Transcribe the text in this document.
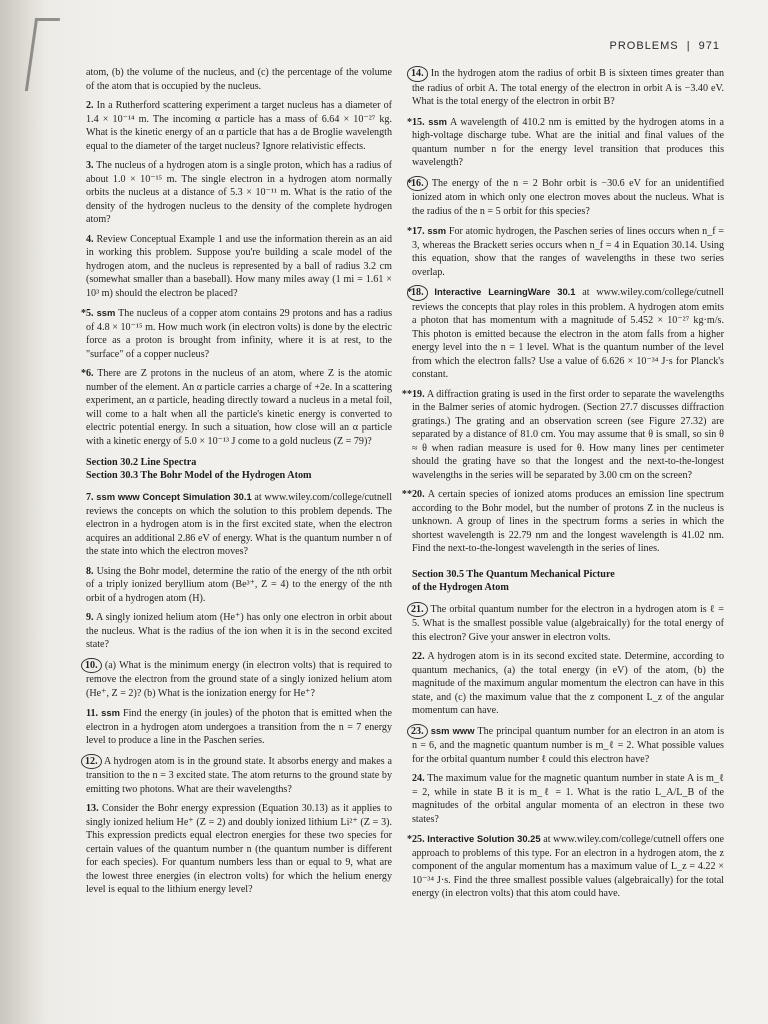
PROBLEMS | 971

atom, (b) the volume of the nucleus, and (c) the percentage of the volume of the atom that is occupied by the nucleus.

2. In a Rutherford scattering experiment a target nucleus has a diameter of 1.4 × 10⁻¹⁴ m. The incoming α particle has a mass of 6.64 × 10⁻²⁷ kg. What is the kinetic energy of an α particle that has a de Broglie wavelength equal to the diameter of the target nucleus? Ignore relativistic effects.

3. The nucleus of a hydrogen atom is a single proton, which has a radius of about 1.0 × 10⁻¹⁵ m. The single electron in a hydrogen atom normally orbits the nucleus at a distance of 5.3 × 10⁻¹¹ m. What is the ratio of the density of the hydrogen nucleus to the density of the complete hydrogen atom?

4. Review Conceptual Example 1 and use the information therein as an aid in working this problem. Suppose you're building a scale model of the hydrogen atom, and the nucleus is represented by a ball of radius 3.2 cm (somewhat smaller than a baseball). How many miles away (1 mi = 1.61 × 10³ m) should the electron be placed?

*5. ssm The nucleus of a copper atom contains 29 protons and has a radius of 4.8 × 10⁻¹⁵ m. How much work (in electron volts) is done by the electric force as a proton is brought from infinity, where it is at rest, to the "surface" of a copper nucleus?

*6. There are Z protons in the nucleus of an atom, where Z is the atomic number of the element. An α particle carries a charge of +2e. In a scattering experiment, an α particle, heading directly toward a nucleus in a metal foil, will come to a halt when all the particle's kinetic energy is converted to electric potential energy. In such a situation, how close will an α particle with a kinetic energy of 5.0 × 10⁻¹³ J come to a gold nucleus (Z = 79)?

Section 30.2 Line Spectra
Section 30.3 The Bohr Model of the Hydrogen Atom

7. ssm www Concept Simulation 30.1 at www.wiley.com/college/cutnell reviews the concepts on which the solution to this problem depends. The electron in a hydrogen atom is in the first excited state, when the electron acquires an additional 2.86 eV of energy. What is the quantum number n of the state into which the electron moves?

8. Using the Bohr model, determine the ratio of the energy of the nth orbit of a triply ionized beryllium atom (Be³⁺, Z = 4) to the energy of the nth orbit of a hydrogen atom (H).

9. A singly ionized helium atom (He⁺) has only one electron in orbit about the nucleus. What is the radius of the ion when it is in the second excited state?

10. (a) What is the minimum energy (in electron volts) that is required to remove the electron from the ground state of a singly ionized helium atom (He⁺, Z = 2)? (b) What is the ionization energy for He⁺?

11. ssm Find the energy (in joules) of the photon that is emitted when the electron in a hydrogen atom undergoes a transition from the n = 7 energy level to produce a line in the Paschen series.

12. A hydrogen atom is in the ground state. It absorbs energy and makes a transition to the n = 3 excited state. The atom returns to the ground state by emitting two photons. What are their wavelengths?

13. Consider the Bohr energy expression (Equation 30.13) as it applies to singly ionized helium He⁺ (Z = 2) and doubly ionized lithium Li²⁺ (Z = 3). This expression predicts equal electron energies for these two species for certain values of the quantum number n (the quantum number is different for each species). For quantum numbers less than or equal to 9, what are the lowest three energies (in electron volts) for which the helium energy level is equal to the lithium energy level?

14. In the hydrogen atom the radius of orbit B is sixteen times greater than the radius of orbit A. The total energy of the electron in orbit A is −3.40 eV. What is the total energy of the electron in orbit B?

*15. ssm A wavelength of 410.2 nm is emitted by the hydrogen atoms in a high-voltage discharge tube. What are the initial and final values of the quantum number n for the energy level transition that produces this wavelength?

*16. The energy of the n = 2 Bohr orbit is −30.6 eV for an unidentified ionized atom in which only one electron moves about the nucleus. What is the radius of the n = 5 orbit for this species?

*17. ssm For atomic hydrogen, the Paschen series of lines occurs when n_f = 3, whereas the Brackett series occurs when n_f = 4 in Equation 30.14. Using this equation, show that the ranges of wavelengths in these two series overlap.

*18. Interactive LearningWare 30.1 at www.wiley.com/college/cutnell reviews the concepts that play roles in this problem. A hydrogen atom emits a photon that has momentum with a magnitude of 5.452 × 10⁻²⁷ kg·m/s. This photon is emitted because the electron in the atom falls from a higher energy level into the n = 1 level. What is the quantum number of the level from which the electron falls? Use a value of 6.626 × 10⁻³⁴ J·s for Planck's constant.

**19. A diffraction grating is used in the first order to separate the wavelengths in the Balmer series of atomic hydrogen. (Section 27.7 discusses diffraction gratings.) The grating and an observation screen (see Figure 27.32) are separated by a distance of 81.0 cm. You may assume that θ is small, so sin θ ≈ θ when radian measure is used for θ. How many lines per centimeter should the grating have so that the longest and the next-to-the-longest wavelengths in the series will be separated by 3.00 cm on the screen?

**20. A certain species of ionized atoms produces an emission line spectrum according to the Bohr model, but the number of protons Z in the nucleus is unknown. A group of lines in the spectrum forms a series in which the shortest wavelength is 22.79 nm and the longest wavelength is 41.02 nm. Find the next-to-the-longest wavelength in the series of lines.

Section 30.5 The Quantum Mechanical Picture
of the Hydrogen Atom

21. The orbital quantum number for the electron in a hydrogen atom is ℓ = 5. What is the smallest possible value (algebraically) for the total energy of this electron? Give your answer in electron volts.

22. A hydrogen atom is in its second excited state. Determine, according to quantum mechanics, (a) the total energy (in eV) of the atom, (b) the magnitude of the maximum angular momentum the electron can have in this state, and (c) the maximum value that the z component L_z of the angular momentum can have.

23. ssm www The principal quantum number for an electron in an atom is n = 6, and the magnetic quantum number is m_ℓ = 2. What possible values for the orbital quantum number ℓ could this electron have?

24. The maximum value for the magnetic quantum number in state A is m_ℓ = 2, while in state B it is m_ℓ = 1. What is the ratio L_A/L_B of the magnitudes of the orbital angular momenta of an electron in these two states?

*25. Interactive Solution 30.25 at www.wiley.com/college/cutnell offers one approach to problems of this type. For an electron in a hydrogen atom, the z component of the angular momentum has a maximum value of L_z = 4.22 × 10⁻³⁴ J·s. Find the three smallest possible values (algebraically) for the total energy (in electron volts) that this atom could have.
